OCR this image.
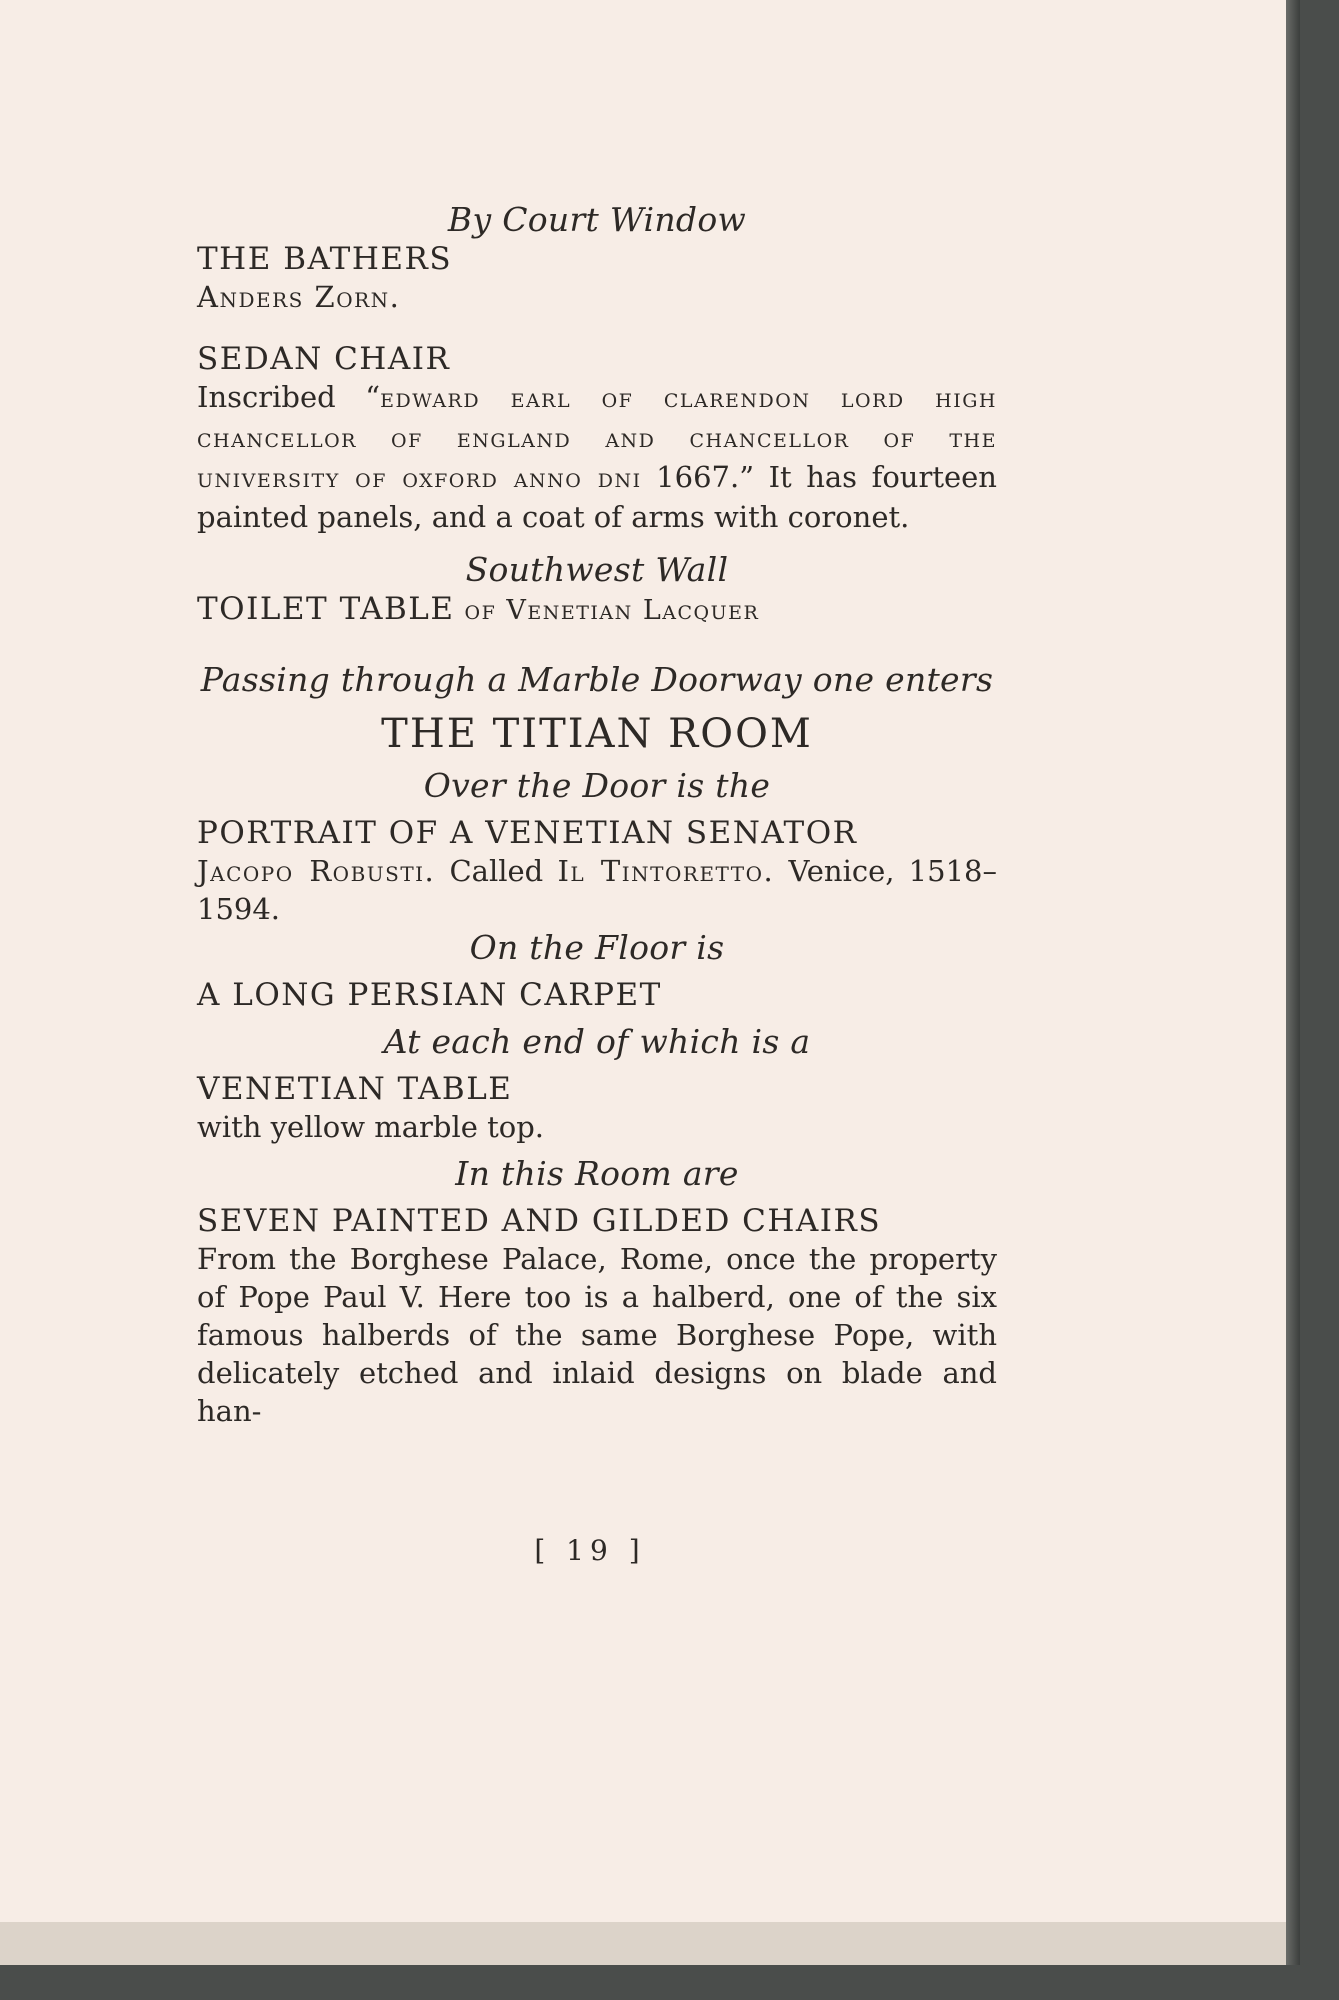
By Court Window

THE BATHERS

Anders Zorn.

SEDAN CHAIR

Inscribed “edward earl of clarendon lord high chancellor of england and chancellor of the university of oxford anno dni 1667.” It has fourteen painted panels, and a coat of arms with coronet.

Southwest Wall

TOILET TABLE of Venetian Lacquer

Passing through a Marble Doorway one enters

THE TITIAN ROOM

Over the Door is the

PORTRAIT OF A VENETIAN SENATOR

Jacopo Robusti. Called Il Tintoretto. Venice, 1518–1594.

On the Floor is

A LONG PERSIAN CARPET

At each end of which is a

VENETIAN TABLE

with yellow marble top.

In this Room are

SEVEN PAINTED AND GILDED CHAIRS

From the Borghese Palace, Rome, once the property of Pope Paul V. Here too is a halberd, one of the six famous halberds of the same Borghese Pope, with delicately etched and inlaid designs on blade and han-

[ 19 ]
